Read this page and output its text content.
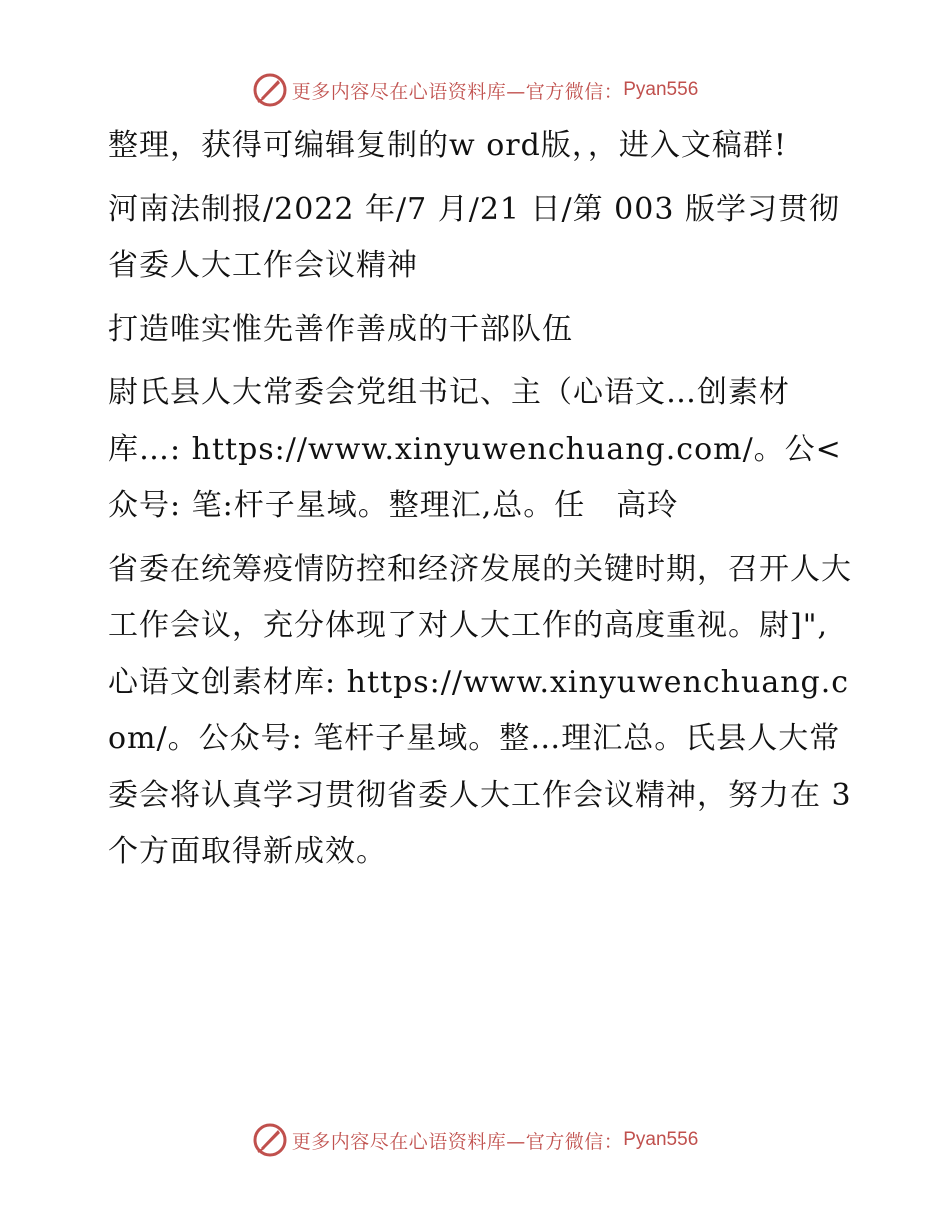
更多内容尽在心语资料库—官方微信： Pyan556

整理，获得可编辑复制的w ord版，，进入文稿群!

河南法制报/2022 年/7 月/21 日/第 003 版学习贯彻省委人大工作会议精神

打造唯实惟先善作善成的干部队伍

尉氏县人大常委会党组书记、主（心语文…创素材库…: https://www.xinyuwenchuang.com/。公<众号: 笔:杆子星域。整理汇,总。任　高玲

省委在统筹疫情防控和经济发展的关键时期，召开人大工作会议，充分体现了对人大工作的高度重视。尉]",心语文创素材库: https://www.xinyuwenchuang.com/。公众号: 笔杆子星域。整…理汇总。氏县人大常委会将认真学习贯彻省委人大工作会议精神，努力在 3 个方面取得新成效。

更多内容尽在心语资料库—官方微信： Pyan556
